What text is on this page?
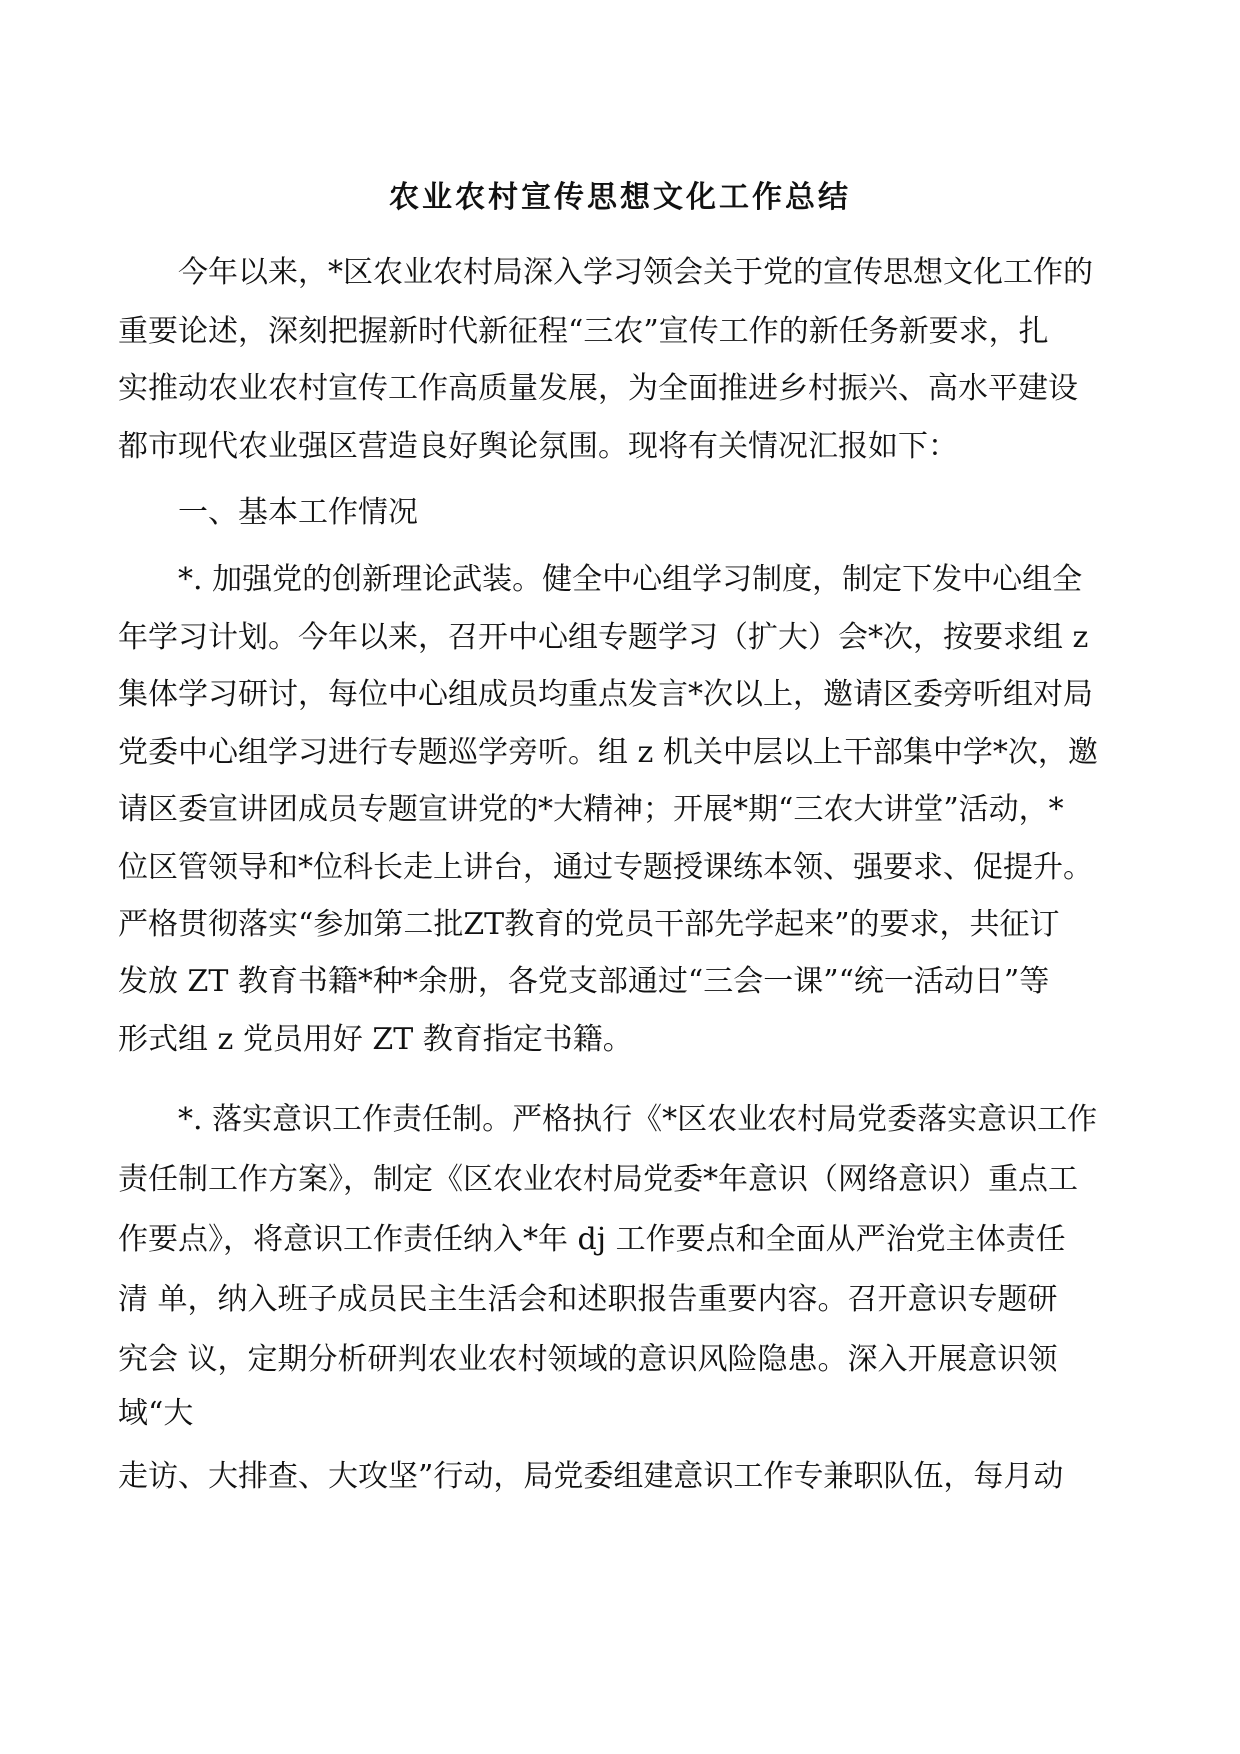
农业农村宣传思想文化工作总结
今年以来，*区农业农村局深入学习领会关于党的宣传思想文化工作的
重要论述，深刻把握新时代新征程“三农”宣传工作的新任务新要求，扎
实推动农业农村宣传工作高质量发展，为全面推进乡村振兴、高水平建设
都市现代农业强区营造良好舆论氛围。现将有关情况汇报如下：
一、基本工作情况
*. 加强党的创新理论武装。健全中心组学习制度，制定下发中心组全
年学习计划。今年以来，召开中心组专题学习（扩大）会*次，按要求组 z
集体学习研讨，每位中心组成员均重点发言*次以上，邀请区委旁听组对局
党委中心组学习进行专题巡学旁听。组 z 机关中层以上干部集中学*次，邀
请区委宣讲团成员专题宣讲党的*大精神；开展*期“三农大讲堂”活动，*
位区管领导和*位科长走上讲台，通过专题授课练本领、强要求、促提升。
严格贯彻落实“参加第二批ZT教育的党员干部先学起来”的要求，共征订
发放 ZT 教育书籍*种*余册，各党支部通过“三会一课”“统一活动日”等
形式组 z 党员用好 ZT 教育指定书籍。
*. 落实意识工作责任制。严格执行《*区农业农村局党委落实意识工作
责任制工作方案》，制定《区农业农村局党委*年意识（网络意识）重点工
作要点》，将意识工作责任纳入*年 dj 工作要点和全面从严治党主体责任
清 单，纳入班子成员民主生活会和述职报告重要内容。召开意识专题研
究会 议，定期分析研判农业农村领域的意识风险隐患。深入开展意识领
域“大
走访、大排查、大攻坚”行动，局党委组建意识工作专兼职队伍，每月动
